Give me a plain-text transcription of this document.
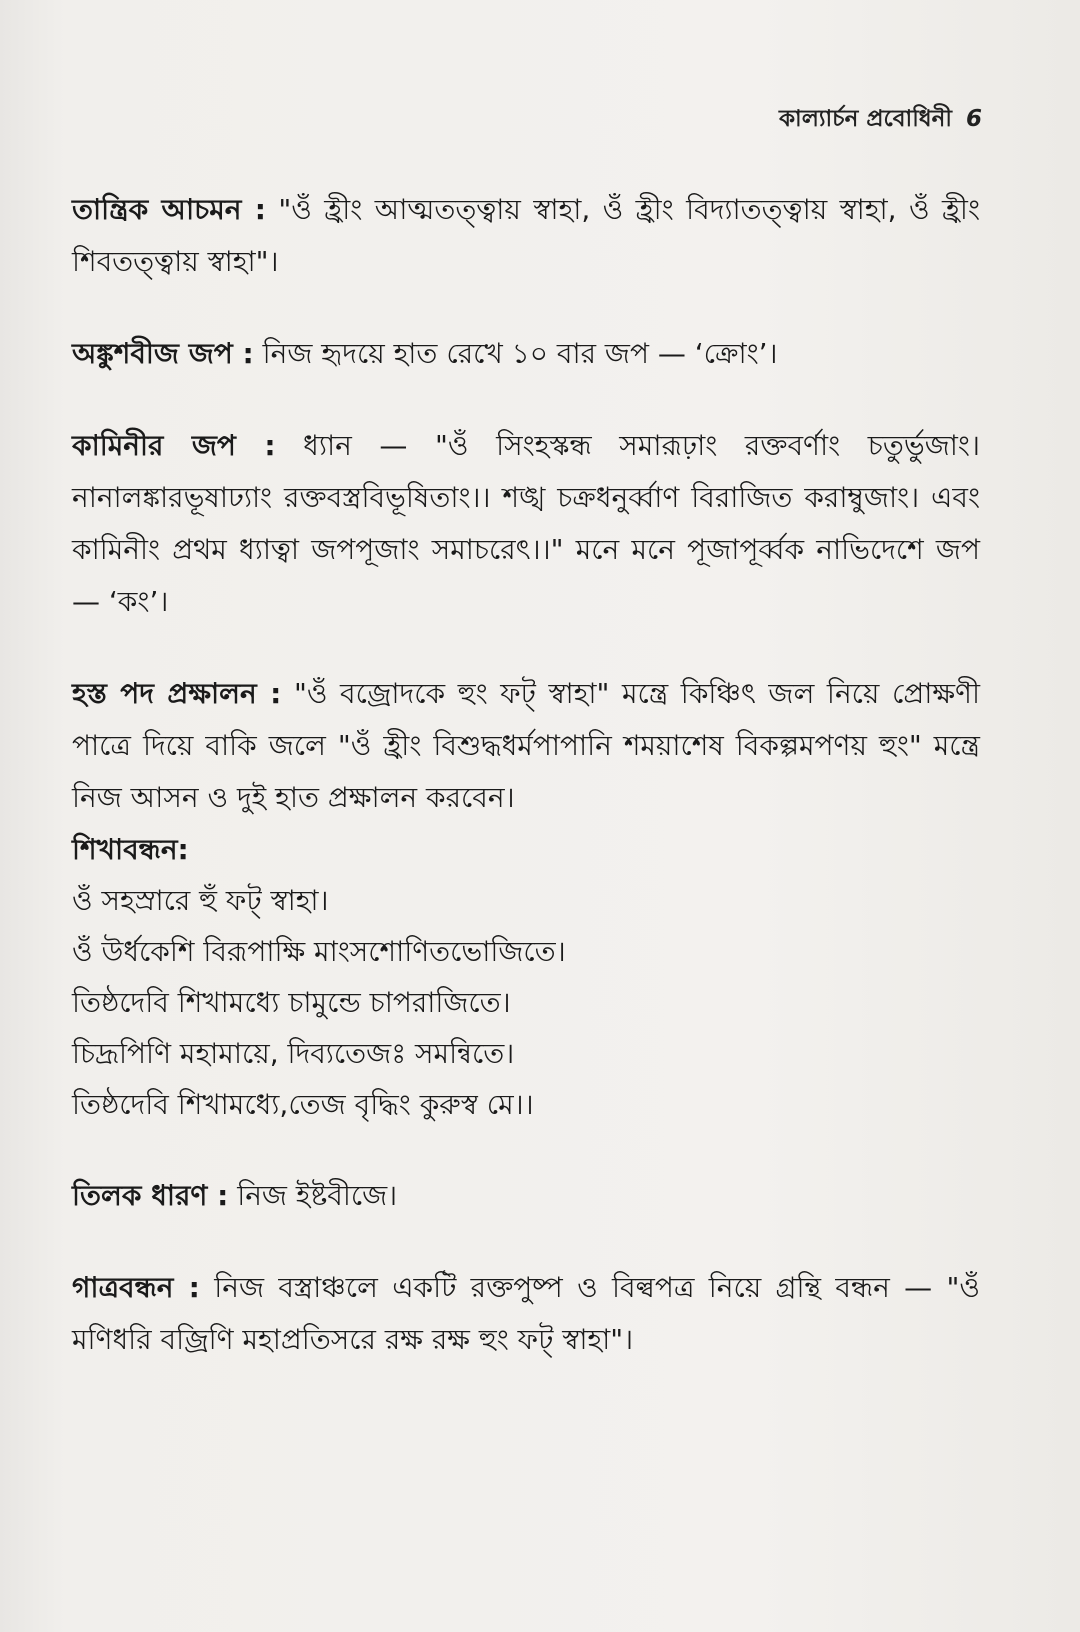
কাল্যার্চন প্রবোধিনী 6

তান্ত্রিক আচমন : "ওঁ হ্রীং আত্মতত্ত্বায় স্বাহা, ওঁ হ্রীং বিদ্যাতত্ত্বায় স্বাহা, ওঁ হ্রীং শিবতত্ত্বায় স্বাহা"।

অঙ্কুশবীজ জপ : নিজ হৃদয়ে হাত রেখে ১০ বার জপ — ‘ক্রোং’।

কামিনীর জপ : ধ্যান — "ওঁ সিংহস্কন্ধ সমারূঢ়াং রক্তবর্ণাং চতুর্ভুজাং। নানালঙ্কারভূষাঢ্যাং রক্তবস্ত্রবিভূষিতাং।। শঙ্খ চক্রধনুর্ব্বাণ বিরাজিত করাম্বুজাং। এবং কামিনীং প্রথম ধ্যাত্বা জপপূজাং সমাচরেৎ।।" মনে মনে পূজাপূর্ব্বক নাভিদেশে জপ — ‘কং’।

হস্ত পদ প্রক্ষালন : "ওঁ বজ্রোদকে হুং ফট্ স্বাহা" মন্ত্রে কিঞ্চিৎ জল নিয়ে প্রোক্ষণী পাত্রে দিয়ে বাকি জলে "ওঁ হ্রীং বিশুদ্ধধর্মপাপানি শময়াশেষ বিকল্পমপণয় হুং" মন্ত্রে নিজ আসন ও দুই হাত প্রক্ষালন করবেন।

শিখাবন্ধন:
ওঁ সহস্রারে হুঁ ফট্ স্বাহা।
ওঁ উর্ধকেশি বিরূপাক্ষি মাংসশোণিতভোজিতে।
তিষ্ঠদেবি শিখামধ্যে চামুন্ডে চাপরাজিতে।
চিদ্রূপিণি মহামায়ে, দিব্যতেজঃ সমন্বিতে।
তিষ্ঠদেবি শিখামধ্যে,তেজ বৃদ্ধিং কুরুস্ব মে।।

তিলক ধারণ : নিজ ইষ্টবীজে।

গাত্রবন্ধন : নিজ বস্ত্রাঞ্চলে একটি রক্তপুষ্প ও বিল্বপত্র নিয়ে গ্রন্থি বন্ধন — "ওঁ মণিধরি বজ্রিণি মহাপ্রতিসরে রক্ষ রক্ষ হুং ফট্ স্বাহা"।
